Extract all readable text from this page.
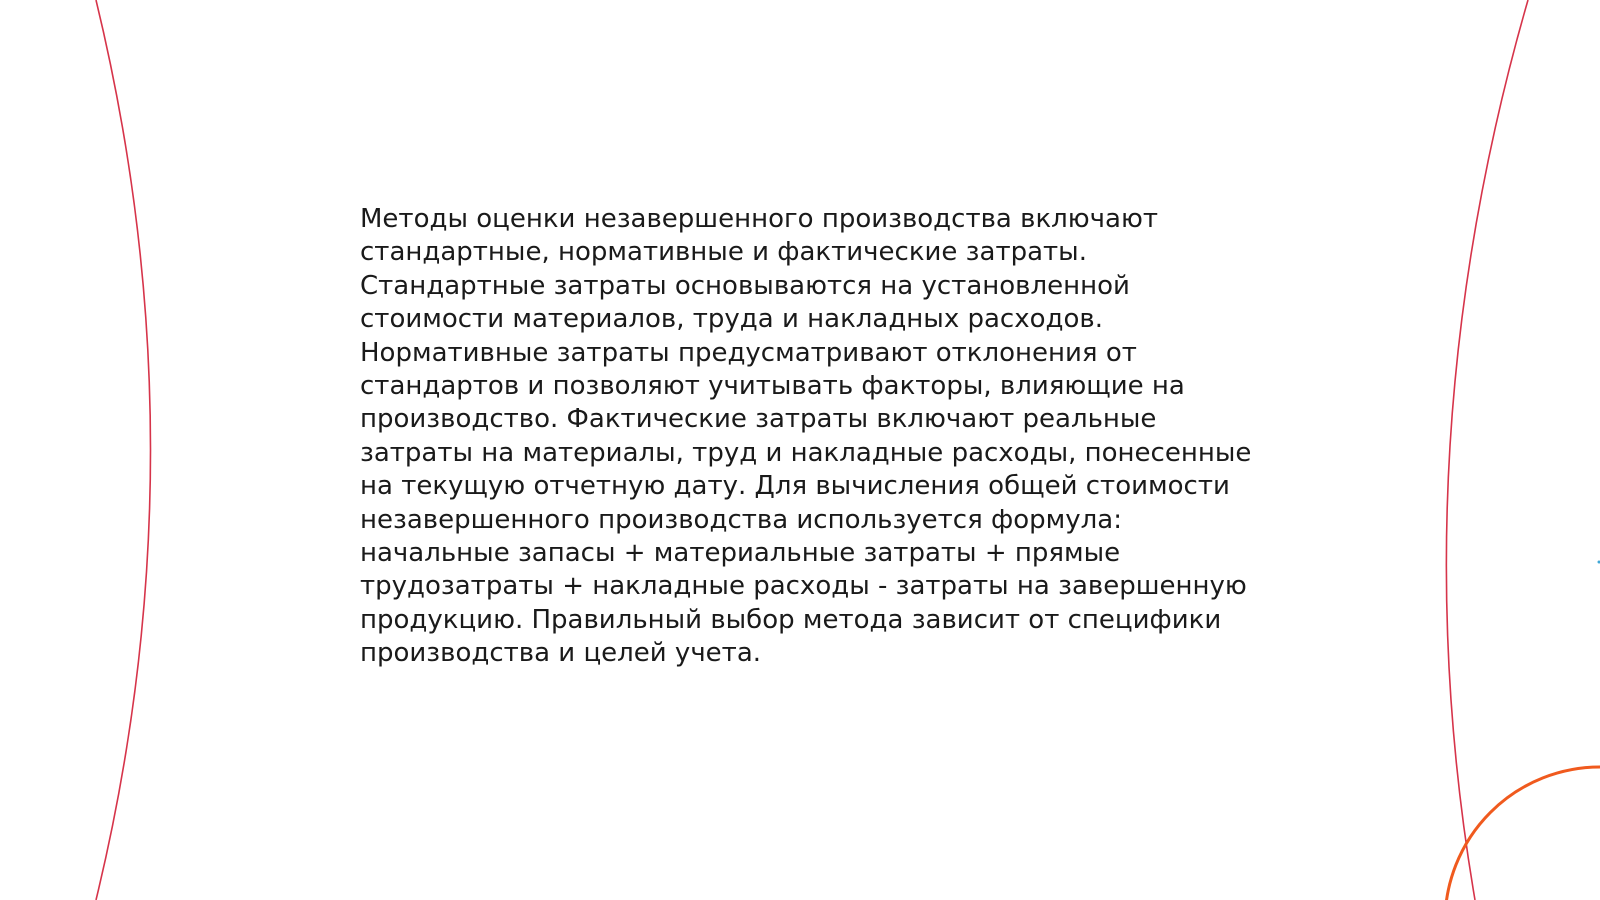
Методы оценки незавершенного производства включают
стандартные, нормативные и фактические затраты.
Стандартные затраты основываются на установленной
стоимости материалов, труда и накладных расходов.
Нормативные затраты предусматривают отклонения от
стандартов и позволяют учитывать факторы, влияющие на
производство. Фактические затраты включают реальные
затраты на материалы, труд и накладные расходы, понесенные
на текущую отчетную дату. Для вычисления общей стоимости
незавершенного производства используется формула:
начальные запасы + материальные затраты + прямые
трудозатраты + накладные расходы - затраты на завершенную
продукцию. Правильный выбор метода зависит от специфики
производства и целей учета.
